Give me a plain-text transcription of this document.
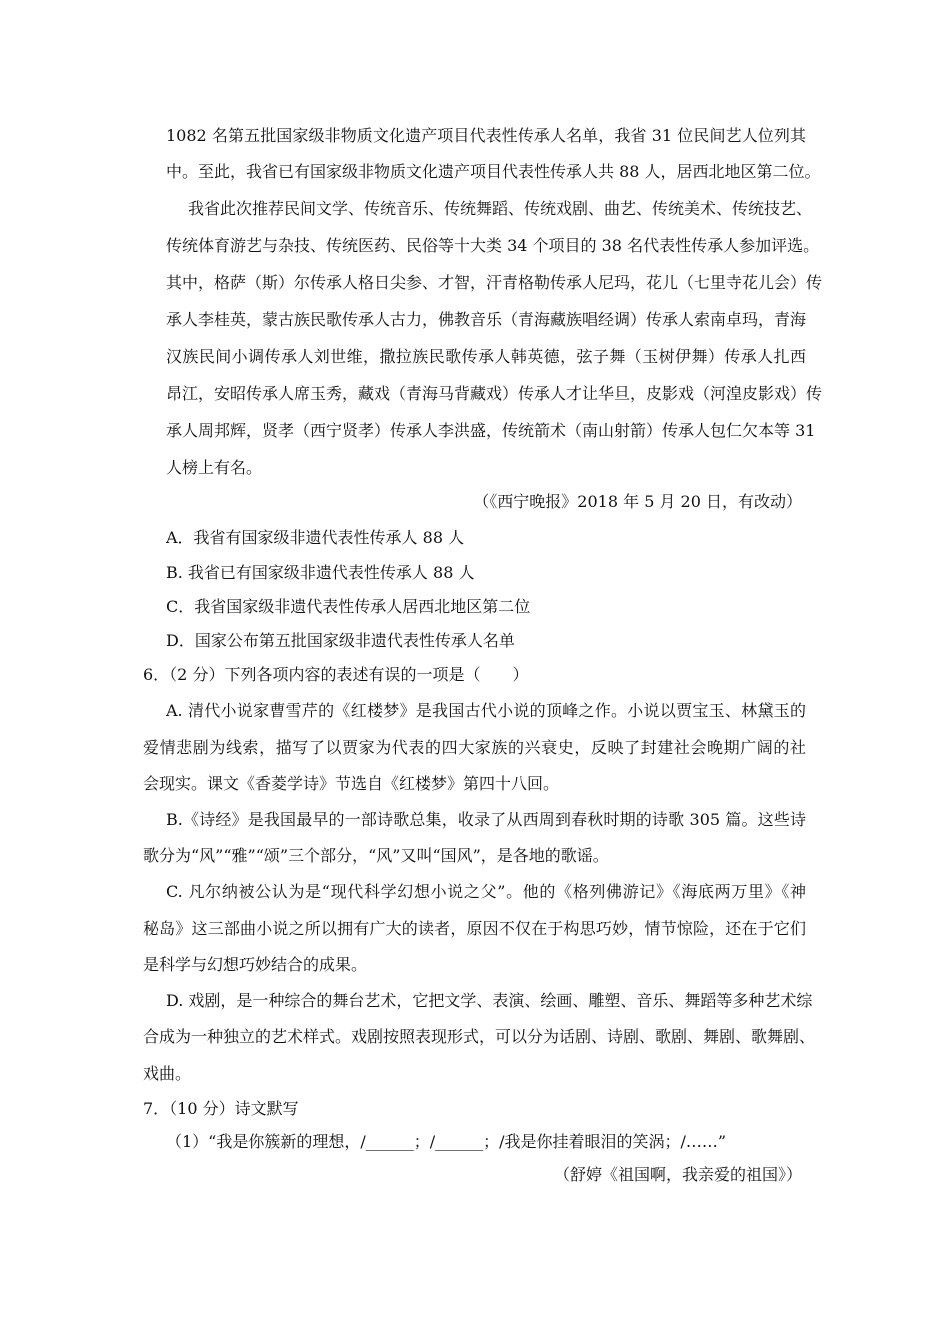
1082 名第五批国家级非物质文化遗产项目代表性传承人名单，我省 31 位民间艺人位列其
中。至此，我省已有国家级非物质文化遗产项目代表性传承人共 88 人，居西北地区第二位。
我省此次推荐民间文学、传统音乐、传统舞蹈、传统戏剧、曲艺、传统美术、传统技艺、
传统体育游艺与杂技、传统医药、民俗等十大类 34 个项目的 38 名代表性传承人参加评选。
其中，格萨（斯）尔传承人格日尖参、才智，汗青格勒传承人尼玛，花儿（七里寺花儿会）传
承人李桂英，蒙古族民歌传承人古力，佛教音乐（青海藏族唱经调）传承人索南卓玛，青海
汉族民间小调传承人刘世维，撒拉族民歌传承人韩英德，弦子舞（玉树伊舞）传承人扎西
昂江，安昭传承人席玉秀，藏戏（青海马背藏戏）传承人才让华旦，皮影戏（河湟皮影戏）传
承人周邦辉，贤孝（西宁贤孝）传承人李洪盛，传统箭术（南山射箭）传承人包仁欠本等 31
人榜上有名。
（《西宁晚报》2018 年 5 月 20 日，有改动）
A．我省有国家级非遗代表性传承人 88 人
B. 我省已有国家级非遗代表性传承人 88 人
C．我省国家级非遗代表性传承人居西北地区第二位
D．国家公布第五批国家级非遗代表性传承人名单
6．（2 分）下列各项内容的表述有误的一项是（　　）
A. 清代小说家曹雪芹的《红楼梦》是我国古代小说的顶峰之作。小说以贾宝玉、林黛玉的
爱情悲剧为线索，描写了以贾家为代表的四大家族的兴衰史，反映了封建社会晚期广阔的社
会现实。课文《香菱学诗》节选自《红楼梦》第四十八回。
B.《诗经》是我国最早的一部诗歌总集，收录了从西周到春秋时期的诗歌 305 篇。这些诗
歌分为“风”“雅”“颂”三个部分，“风”又叫“国风”，是各地的歌谣。
C. 凡尔纳被公认为是“现代科学幻想小说之父”。他的《格列佛游记》《海底两万里》《神
秘岛》这三部曲小说之所以拥有广大的读者，原因不仅在于构思巧妙，情节惊险，还在于它们
是科学与幻想巧妙结合的成果。
D. 戏剧，是一种综合的舞台艺术，它把文学、表演、绘画、雕塑、音乐、舞蹈等多种艺术综
合成为一种独立的艺术样式。戏剧按照表现形式，可以分为话剧、诗剧、歌剧、舞剧、歌舞剧、
戏曲。
7．（10 分）诗文默写
（1）“我是你簇新的理想，/______；/______；/我是你挂着眼泪的笑涡；/……”
（舒婷《祖国啊，我亲爱的祖国》）
